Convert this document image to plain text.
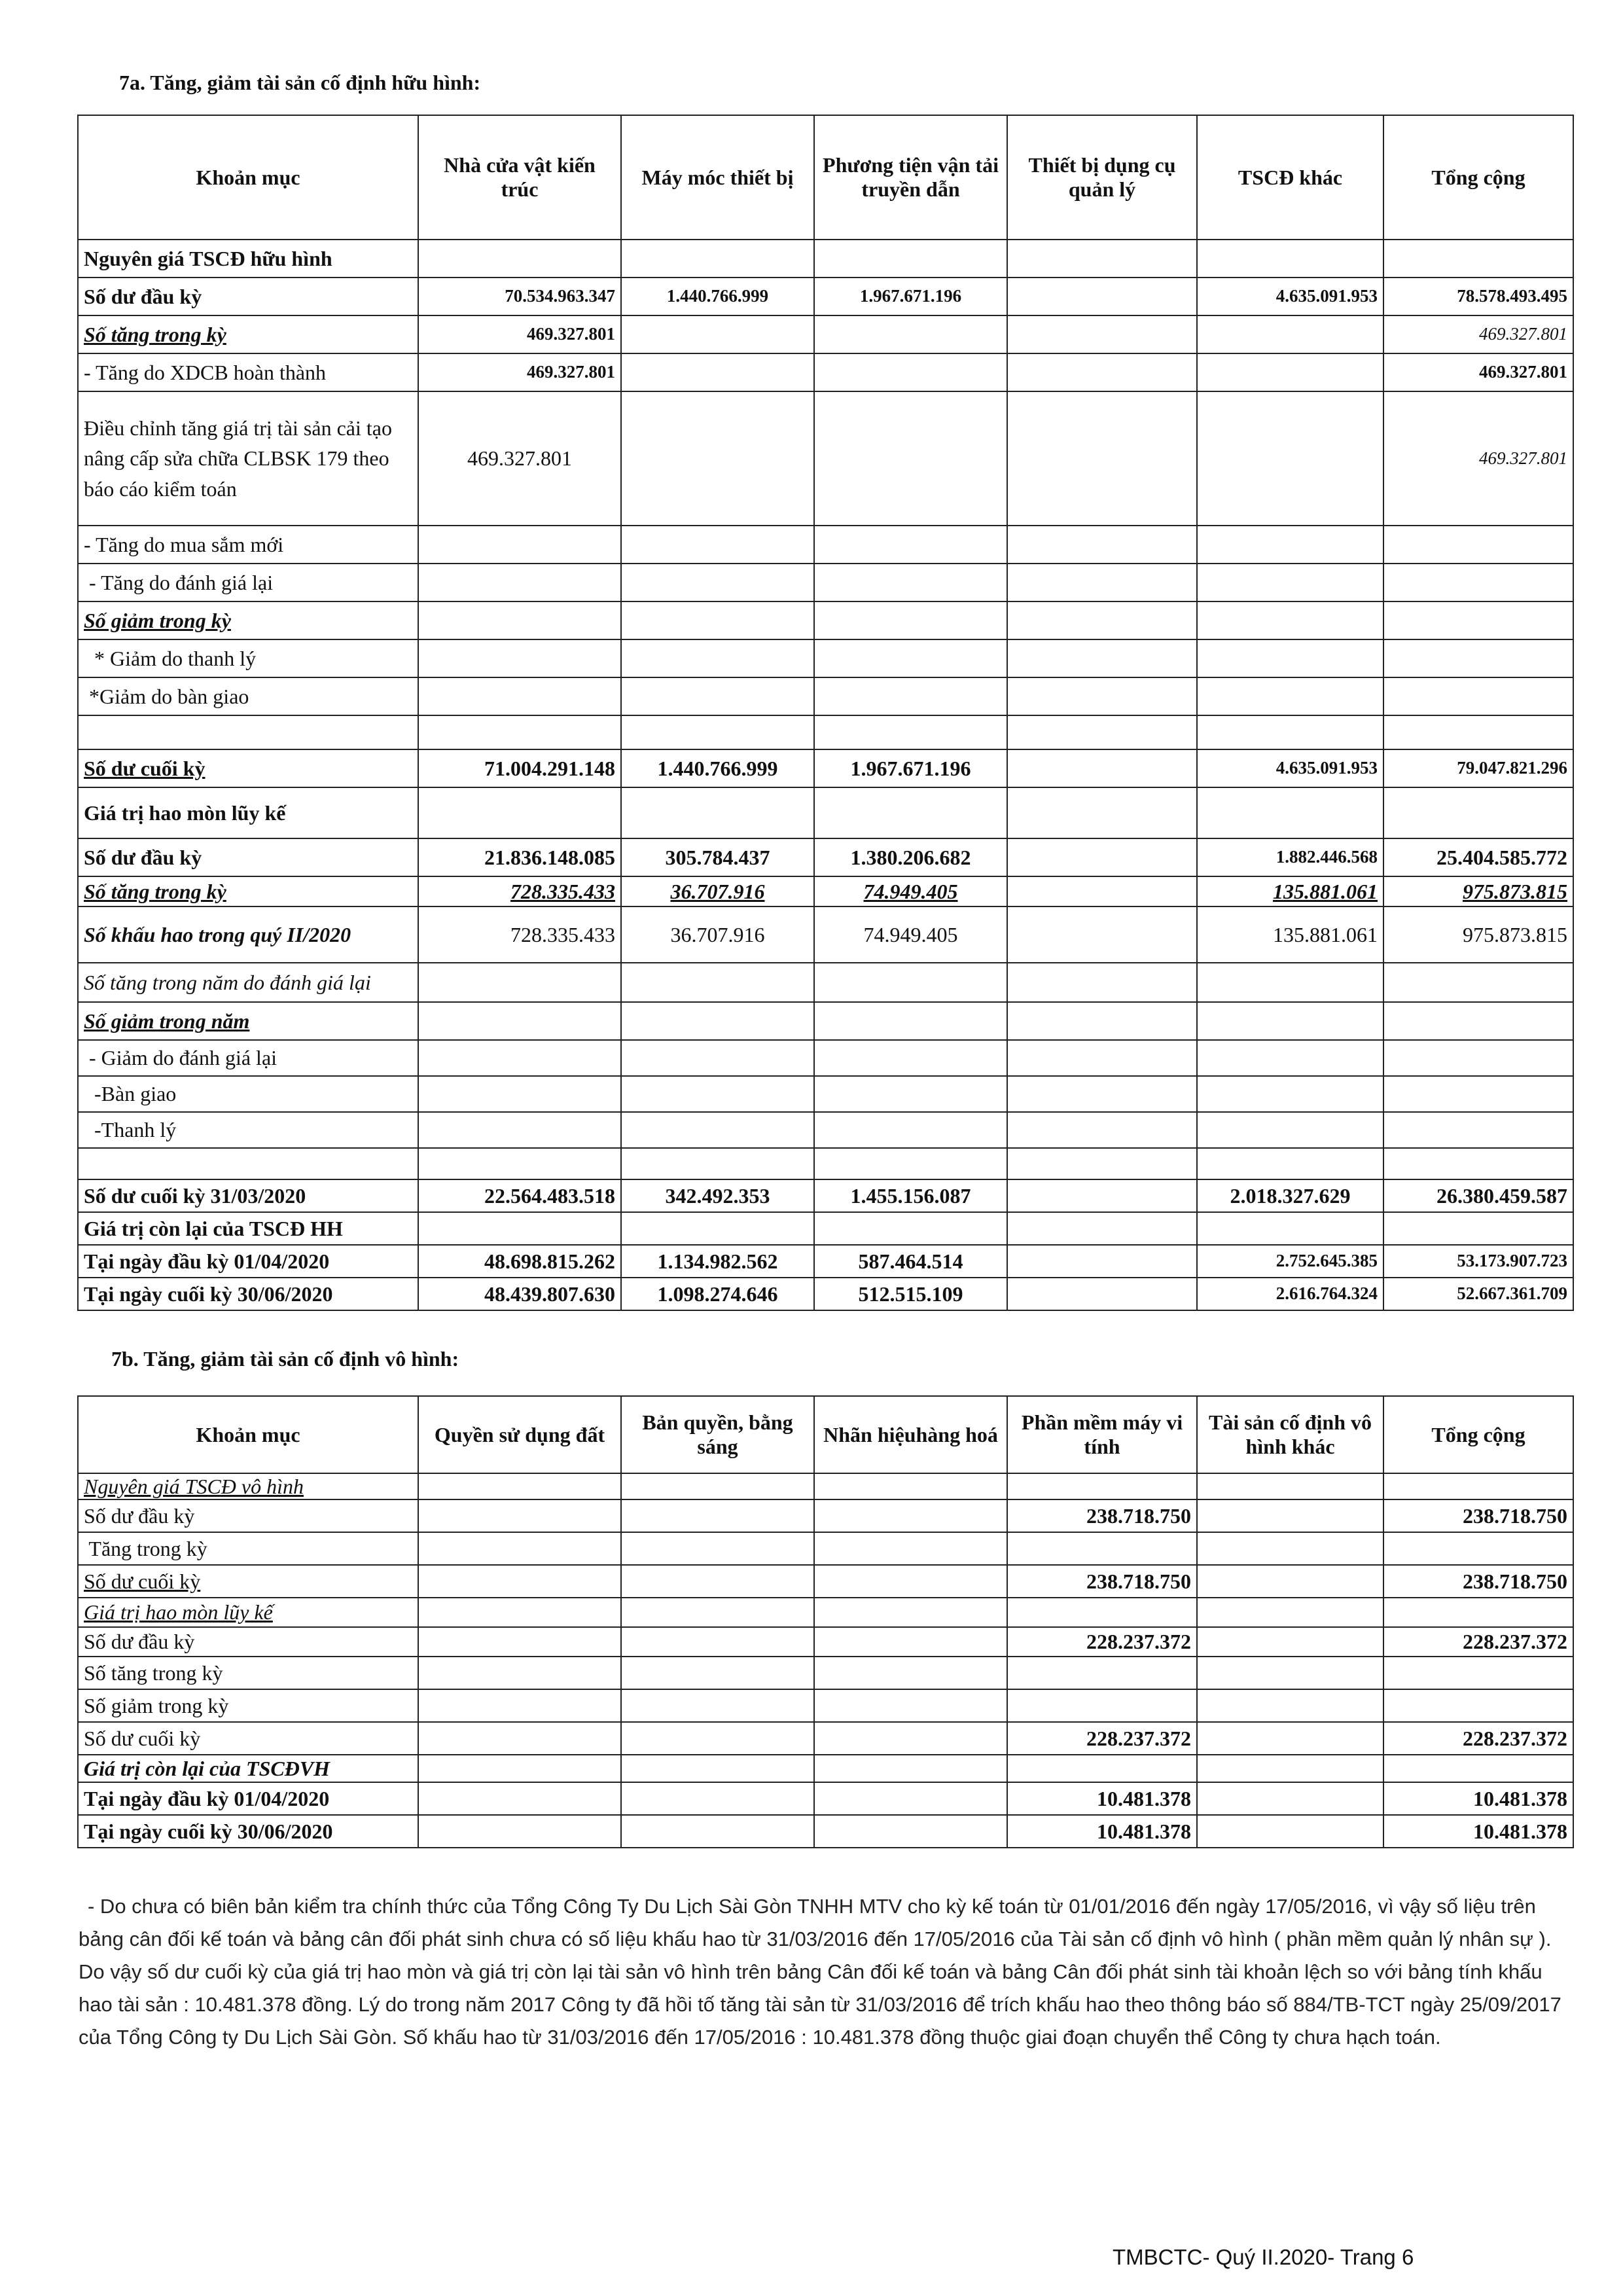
7a. Tăng, giảm tài sản cố định hữu hình:
Khoản mục	Nhà cửa vật kiến trúc	Máy móc thiết bị	Phương tiện vận tải truyền dẫn	Thiết bị dụng cụ quản lý	TSCĐ khác	Tổng cộng
Nguyên giá TSCĐ hữu hình						
Số dư đầu kỳ	70.534.963.347	1.440.766.999	1.967.671.196		4.635.091.953	78.578.493.495
Số tăng trong kỳ	469.327.801					469.327.801
- Tăng do XDCB hoàn thành	469.327.801					469.327.801
Điều chỉnh tăng giá trị tài sản cải tạo nâng cấp sửa chữa CLBSK 179 theo báo cáo kiểm toán	469.327.801					469.327.801
- Tăng do mua sắm mới						
- Tăng do đánh giá lại						
Số giảm trong kỳ						
* Giảm do thanh lý						
*Giảm do bàn giao						

Số dư cuối kỳ	71.004.291.148	1.440.766.999	1.967.671.196		4.635.091.953	79.047.821.296
Giá trị hao mòn lũy kế						
Số dư đầu kỳ	21.836.148.085	305.784.437	1.380.206.682		1.882.446.568	25.404.585.772
Số tăng trong kỳ	728.335.433	36.707.916	74.949.405		135.881.061	975.873.815
Số khấu hao trong quý II/2020	728.335.433	36.707.916	74.949.405		135.881.061	975.873.815
Số tăng trong năm do đánh giá lại						
Số giảm trong năm						
- Giảm do đánh giá lại						
-Bàn giao						
-Thanh lý						

Số dư cuối kỳ 31/03/2020	22.564.483.518	342.492.353	1.455.156.087		2.018.327.629	26.380.459.587
Giá trị còn lại của TSCĐ HH						
Tại ngày đầu kỳ 01/04/2020	48.698.815.262	1.134.982.562	587.464.514		2.752.645.385	53.173.907.723
Tại ngày cuối kỳ 30/06/2020	48.439.807.630	1.098.274.646	512.515.109		2.616.764.324	52.667.361.709
7b. Tăng, giảm tài sản cố định vô hình:
Khoản mục	Quyền sử dụng đất	Bản quyền, bằng sáng	Nhãn hiệuhàng hoá	Phần mềm máy vi tính	Tài sản cố định vô hình khác	Tổng cộng
Nguyên giá TSCĐ vô hình						
Số dư đầu kỳ				238.718.750		238.718.750
Tăng trong kỳ						
Số dư cuối kỳ				238.718.750		238.718.750
Giá trị hao mòn lũy kế						
Số dư đầu kỳ				228.237.372		228.237.372
Số tăng trong kỳ						
Số giảm trong kỳ						
Số dư cuối kỳ				228.237.372		228.237.372
Giá trị còn lại của TSCĐVH						
Tại ngày đầu kỳ 01/04/2020				10.481.378		10.481.378
Tại ngày cuối kỳ 30/06/2020				10.481.378		10.481.378

- Do chưa có biên bản kiểm tra chính thức của Tổng Công Ty Du Lịch Sài Gòn TNHH MTV cho kỳ kế toán từ 01/01/2016 đến ngày 17/05/2016, vì vậy số liệu trên bảng cân đối kế toán và bảng cân đối phát sinh chưa có số liệu khấu hao từ 31/03/2016 đến 17/05/2016 của Tài sản cố định vô hình ( phần mềm quản lý nhân sự ). Do vậy số dư cuối kỳ của giá trị hao mòn và giá trị còn lại tài sản vô hình trên bảng Cân đối kế toán và bảng Cân đối phát sinh tài khoản lệch so với bảng tính khấu hao tài sản : 10.481.378 đồng. Lý do trong năm 2017 Công ty đã hồi tố tăng tài sản từ 31/03/2016 để trích khấu hao theo thông báo số 884/TB-TCT ngày 25/09/2017 của Tổng Công ty Du Lịch Sài Gòn. Số khấu hao từ 31/03/2016 đến 17/05/2016 : 10.481.378 đồng thuộc giai đoạn chuyển thể Công ty chưa hạch toán.

TMBCTC- Quý II.2020- Trang 6
